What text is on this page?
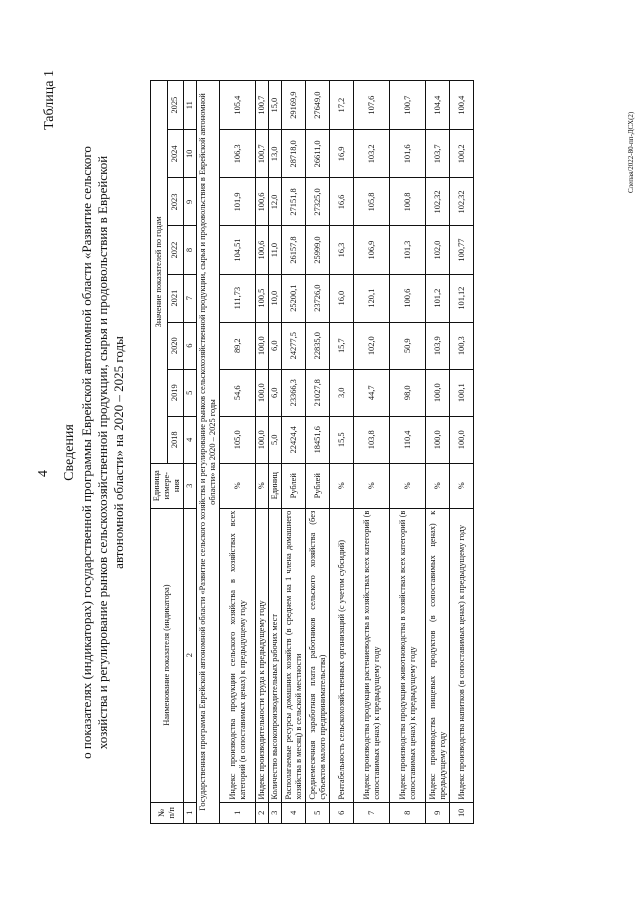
4
Таблица 1
Сведения о показателях (индикаторах) государственной программы Еврейской автономной области «Развитие сельского хозяйства и регулирование рынков сельскохозяйственной продукции, сырья и продовольствия в Еврейской автономной области» на 2020 – 2025 годы
№ п/п	Наименование показателя (индикатора)	Единица измере-ния	Значение показателей по годам							
			2018	2019	2020	2021	2022	2023	2024	2025
1	2	3	4	5	6	7	8	9	10	11
Государственная программа Еврейской автономной области «Развитие сельского хозяйства и регулирование рынков сельскохозяйственной продукции, сырья и продовольствия в Еврейской автономной области» на 2020 – 2025 годы										
1	Индекс производства продукции сельского хозяйства в хозяйствах всех категорий (в сопоставимых ценах) к предыдущему году	%	105,0	54,6	89,2	111,73	104,51	101,9	106,3	105,4
2	Индекс производительности труда к предыдущему году	%	100,0	100,0	100,0	100,5	100,6	100,6	100,7	100,7
3	Количество высокопроизводительных рабочих мест	Единиц	5,0	6,0	6,0	10,0	11,0	12,0	13,0	15,0
4	Располагаемые ресурсы домашних хозяйств (в среднем на 1 члена домашнего хозяйства в месяц) в сельской местности	Рублей	22424,4	23366,3	24277,5	25200,1	26157,8	27151,8	28718,0	29169,9
5	Среднемесячная заработная плата работников сельского хозяйства (без субъектов малого предпринимательства)	Рублей	18451,6	21027,8	22835,0	23726,0	25999,0	27325,0	26611,0	27649,0
6	Рентабельность сельскохозяйственных организаций (с учетом субсидий)	%	15,5	3,0	15,7	16,0	16,3	16,6	16,9	17,2
7	Индекс производства продукции растениеводства в хозяйствах всех категорий (в сопоставимых ценах) к предыдущему году	%	103,8	44,7	102,0	120,1	106,9	105,8	103,2	107,6
8	Индекс производства продукции животноводства в хозяйствах всех категорий (в сопоставимых ценах) к предыдущему году	%	110,4	98,0	50,9	100,6	101,3	100,8	101,6	100,7
9	Индекс производства пищевых продуктов (в сопоставимых ценах) к предыдущему году	%	100,0	100,0	103,9	101,2	102,0	102,32	103,7	104,4
10	Индекс производства напитков (в сопоставимых ценах) к предыдущему году	%	100,0	100,1	100,3	101,12	100,77	102,32	100,2	100,4
Слепая/2022-80-пп-ДСХ(2)
